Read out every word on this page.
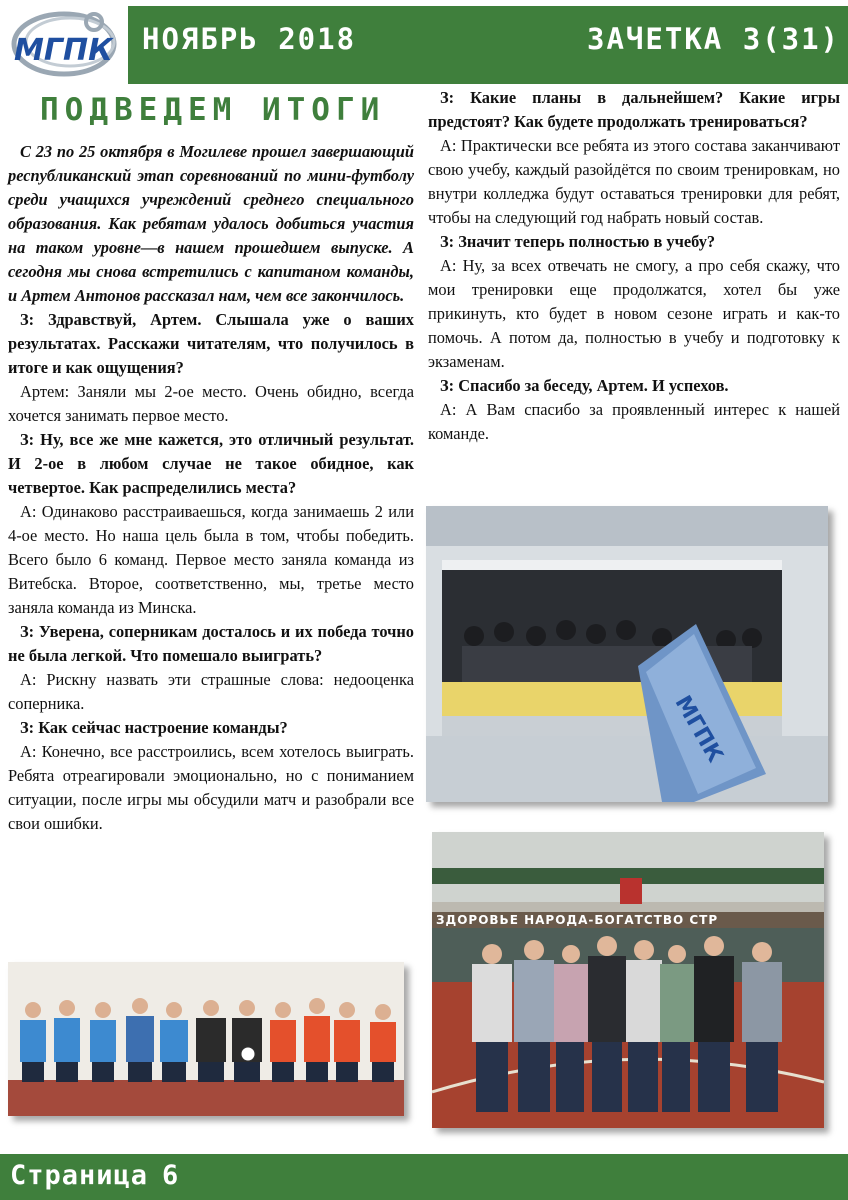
МГПК НОЯБРЬ 2018	ЗАЧЕТКА 3(31)
ПОДВЕДЕМ ИТОГИ

С 23 по 25 октября в Могилеве прошел завершающий республиканский этап соревнований по мини-футболу среди учащихся учреждений среднего специального образования. Как ребятам удалось добиться участия на таком уровне—в нашем прошедшем выпуске. А сегодня мы снова встретились с капитаном команды, и Артем Антонов рассказал нам, чем все закончилось.

З: Здравствуй, Артем. Слышала уже о ваших результатах. Расскажи читателям, что получилось в итоге и как ощущения?

Артем: Заняли мы 2-ое место. Очень обидно, всегда хочется занимать первое место.

З: Ну, все же мне кажется, это отличный результат. И 2-ое в любом случае не такое обидное, как четвертое. Как распределились места?

А: Одинаково расстраиваешься, когда занимаешь 2 или 4-ое место. Но наша цель была в том, чтобы победить. Всего было 6 команд. Первое место заняла команда из Витебска. Второе, соответственно, мы, третье место заняла команда из Минска.

З: Уверена, соперникам досталось и их победа точно не была легкой. Что помешало выиграть?

А: Рискну назвать эти страшные слова: недооценка соперника.

З: Как сейчас настроение команды?

А: Конечно, все расстроились, всем хотелось выиграть. Ребята отреагировали эмоционально, но с пониманием ситуации, после игры мы обсудили матч и разобрали все свои ошибки.

З: Какие планы в дальнейшем? Какие игры предстоят? Как будете продолжать тренироваться?

А: Практически все ребята из этого состава заканчивают свою учебу, каждый разойдётся по своим тренировкам, но внутри колледжа будут оставаться тренировки для ребят, чтобы на следующий год набрать новый состав.

З: Значит теперь полностью в учебу?

А: Ну, за всех отвечать не смогу, а про себя скажу, что мои тренировки еще продолжатся, хотел бы уже прикинуть, кто будет в новом сезоне играть и как-то помочь. А потом да, полностью в учебу и подготовку к экзаменам.

З: Спасибо за беседу, Артем. И успехов.

А: А Вам спасибо за проявленный интерес к нашей команде.

МГПК
ЗДОРОВЬЕ НАРОДА-БОГАТСТВО СТР
Страница 6
